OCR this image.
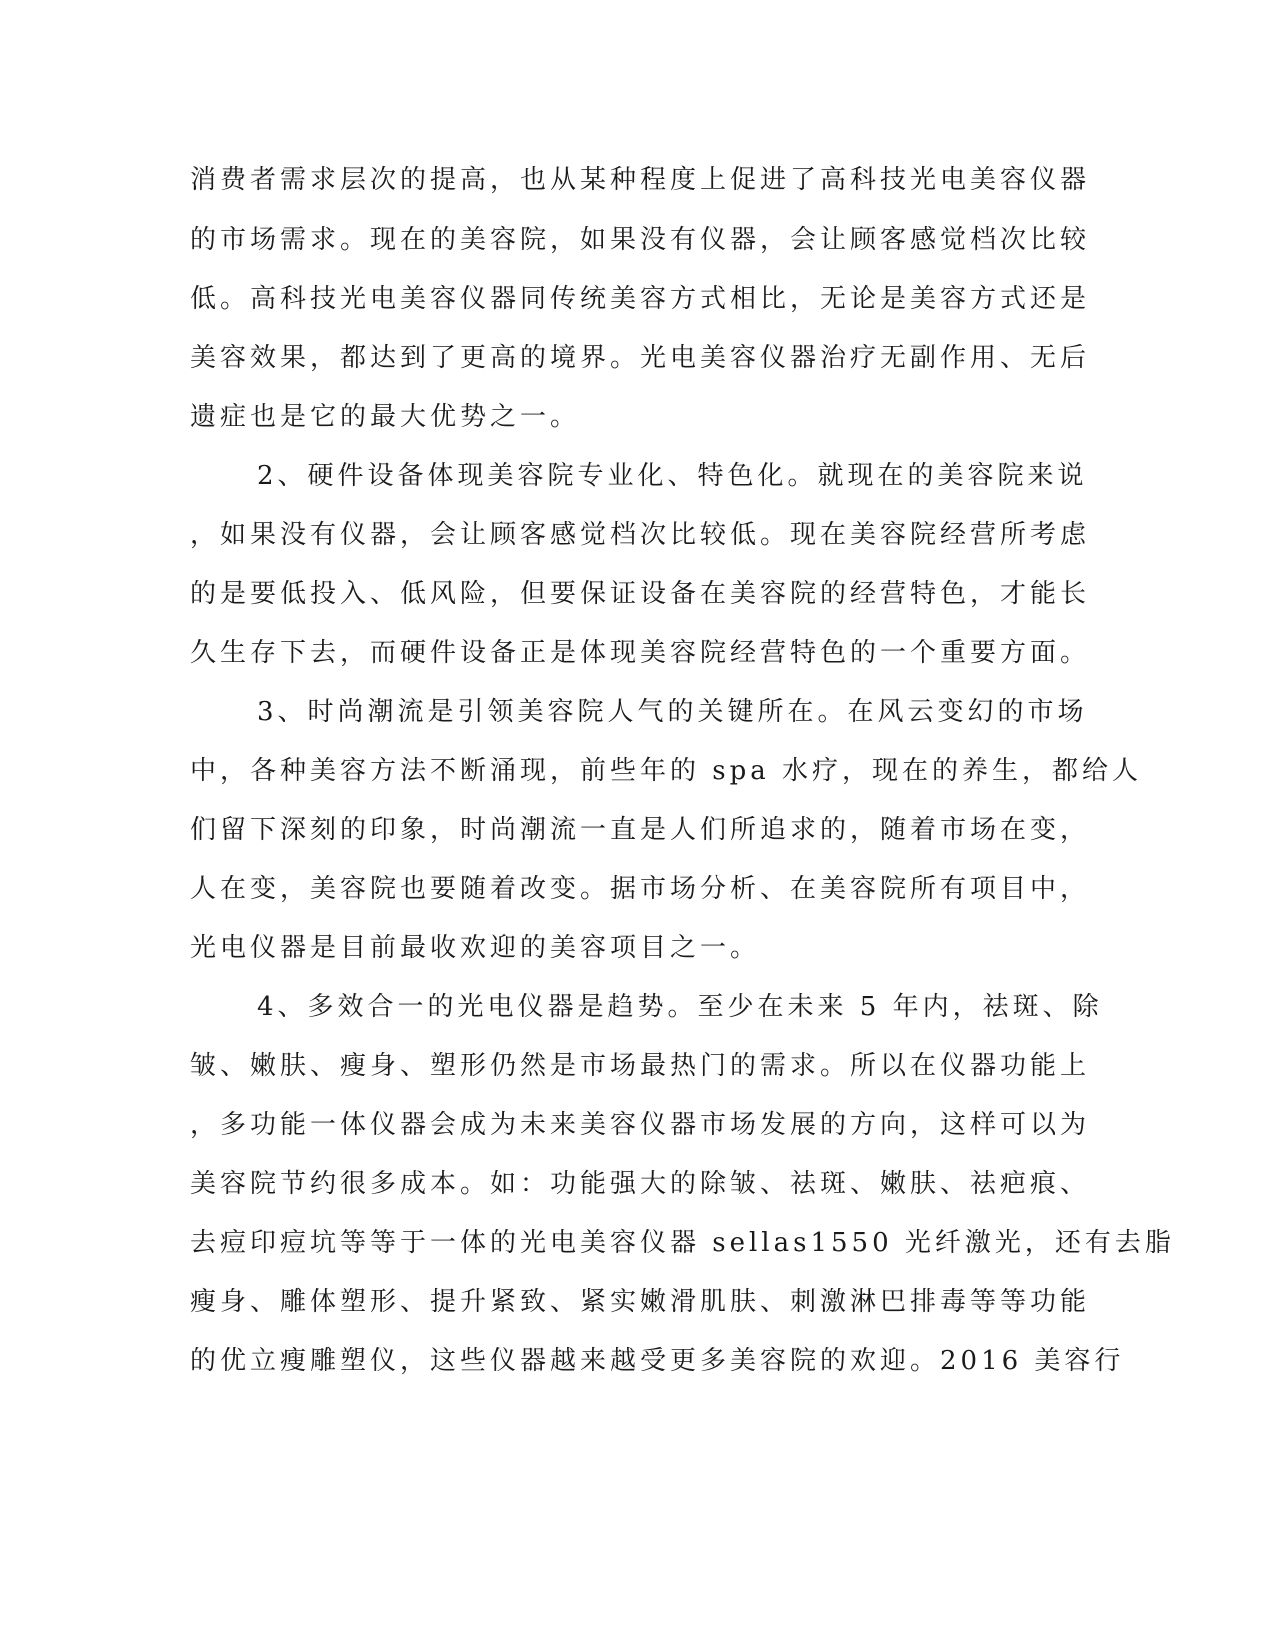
消费者需求层次的提高，也从某种程度上促进了高科技光电美容仪器
的市场需求。现在的美容院，如果没有仪器，会让顾客感觉档次比较
低。高科技光电美容仪器同传统美容方式相比，无论是美容方式还是
美容效果，都达到了更高的境界。光电美容仪器治疗无副作用、无后
遗症也是它的最大优势之一。
2、硬件设备体现美容院专业化、特色化。就现在的美容院来说
，如果没有仪器，会让顾客感觉档次比较低。现在美容院经营所考虑
的是要低投入、低风险，但要保证设备在美容院的经营特色，才能长
久生存下去，而硬件设备正是体现美容院经营特色的一个重要方面。
3、时尚潮流是引领美容院人气的关键所在。在风云变幻的市场
中，各种美容方法不断涌现，前些年的 spa 水疗，现在的养生，都给人
们留下深刻的印象，时尚潮流一直是人们所追求的，随着市场在变，
人在变，美容院也要随着改变。据市场分析、在美容院所有项目中，
光电仪器是目前最收欢迎的美容项目之一。
4、多效合一的光电仪器是趋势。至少在未来 5 年内，祛斑、除
皱、嫩肤、瘦身、塑形仍然是市场最热门的需求。所以在仪器功能上
，多功能一体仪器会成为未来美容仪器市场发展的方向，这样可以为
美容院节约很多成本。如：功能强大的除皱、祛斑、嫩肤、祛疤痕、
去痘印痘坑等等于一体的光电美容仪器 sellas1550 光纤激光，还有去脂
瘦身、雕体塑形、提升紧致、紧实嫩滑肌肤、刺激淋巴排毒等等功能
的优立瘦雕塑仪，这些仪器越来越受更多美容院的欢迎。2016 美容行
